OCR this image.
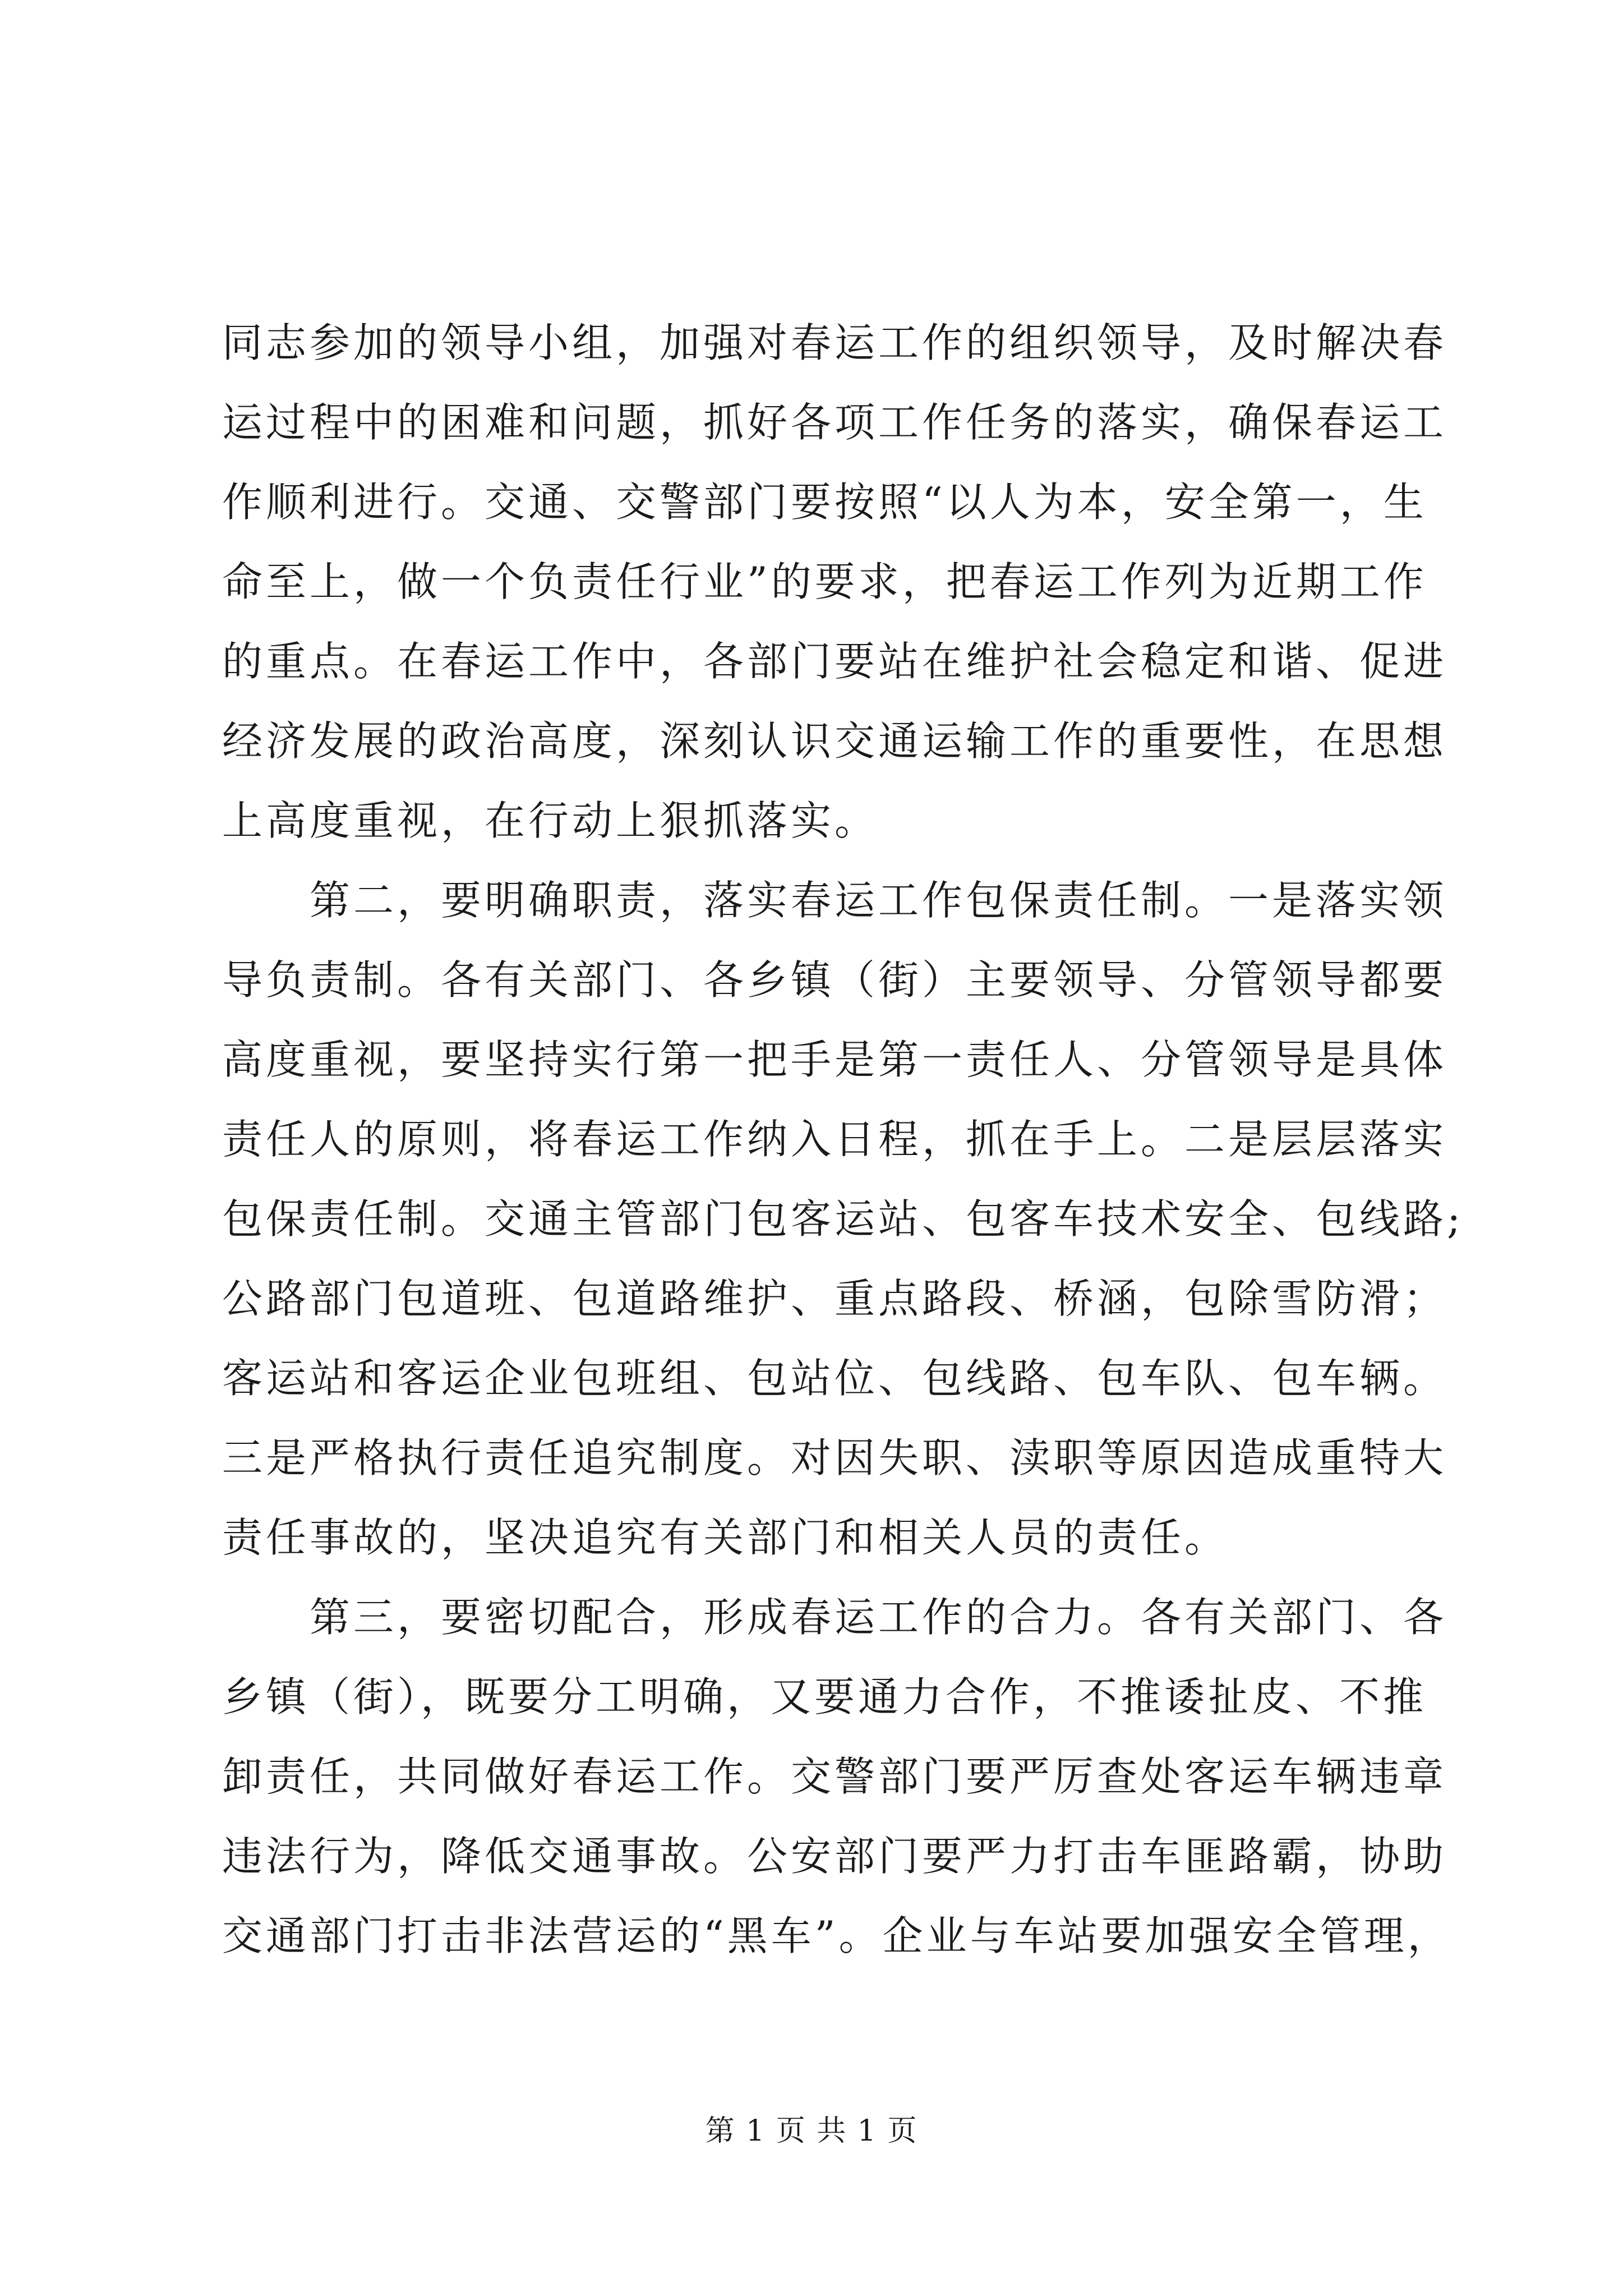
同志参加的领导小组，加强对春运工作的组织领导，及时解决春
运过程中的困难和问题，抓好各项工作任务的落实，确保春运工
作顺利进行。交通、交警部门要按照“以人为本，安全第一，生
命至上，做一个负责任行业”的要求，把春运工作列为近期工作
的重点。在春运工作中，各部门要站在维护社会稳定和谐、促进
经济发展的政治高度，深刻认识交通运输工作的重要性，在思想
上高度重视，在行动上狠抓落实。
第二，要明确职责，落实春运工作包保责任制。一是落实领
导负责制。各有关部门、各乡镇（街）主要领导、分管领导都要
高度重视，要坚持实行第一把手是第一责任人、分管领导是具体
责任人的原则，将春运工作纳入日程，抓在手上。二是层层落实
包保责任制。交通主管部门包客运站、包客车技术安全、包线路;
公路部门包道班、包道路维护、重点路段、桥涵，包除雪防滑；
客运站和客运企业包班组、包站位、包线路、包车队、包车辆。
三是严格执行责任追究制度。对因失职、渎职等原因造成重特大
责任事故的，坚决追究有关部门和相关人员的责任。
第三，要密切配合，形成春运工作的合力。各有关部门、各
乡镇（街），既要分工明确，又要通力合作，不推诿扯皮、不推
卸责任，共同做好春运工作。交警部门要严厉查处客运车辆违章
违法行为，降低交通事故。公安部门要严力打击车匪路霸，协助
交通部门打击非法营运的“黑车”。企业与车站要加强安全管理，
第 1 页 共 1 页
